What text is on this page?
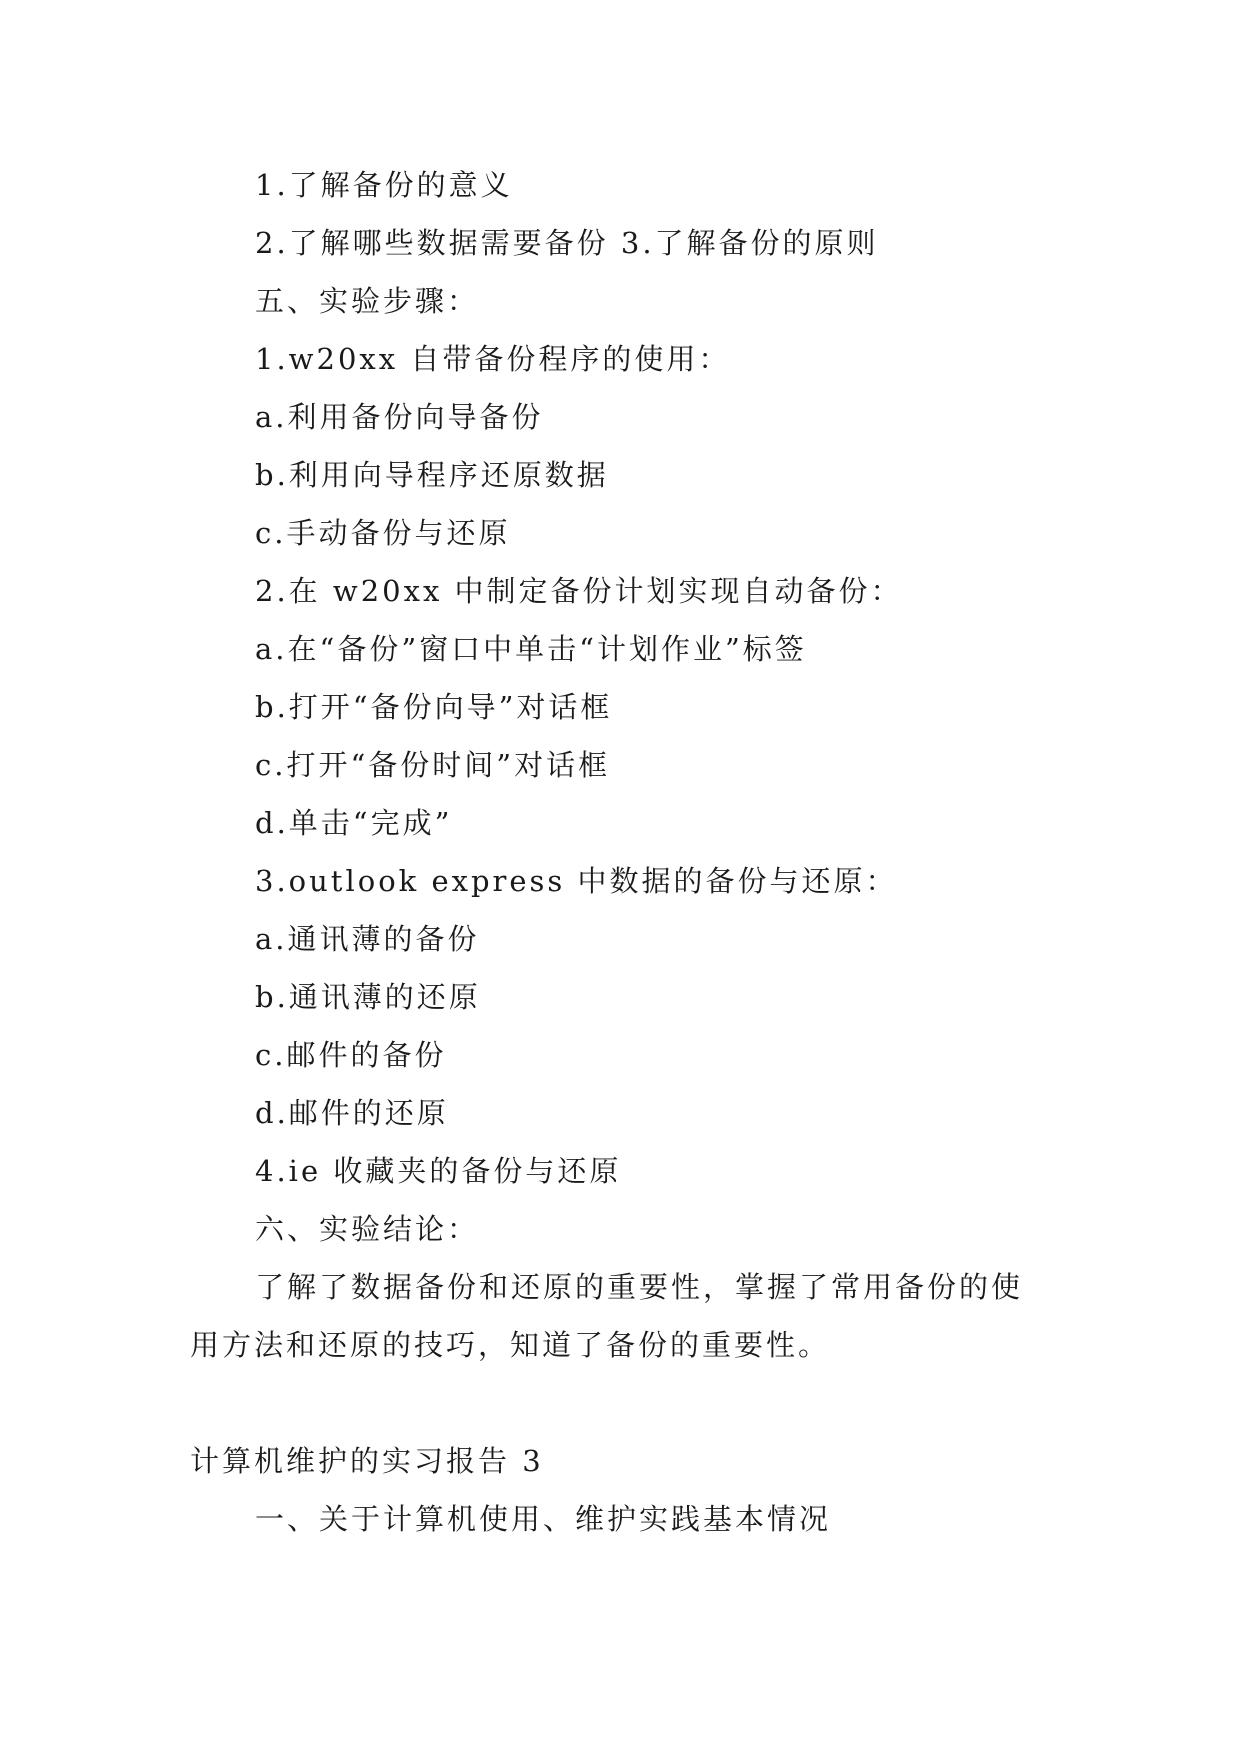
1.了解备份的意义
2.了解哪些数据需要备份 3.了解备份的原则
五、实验步骤：
1.w20xx 自带备份程序的使用：
a.利用备份向导备份
b.利用向导程序还原数据
c.手动备份与还原
2.在 w20xx 中制定备份计划实现自动备份：
a.在“备份”窗口中单击“计划作业”标签
b.打开“备份向导”对话框
c.打开“备份时间”对话框
d.单击“完成”
3.outlook express 中数据的备份与还原：
a.通讯薄的备份
b.通讯薄的还原
c.邮件的备份
d.邮件的还原
4.ie 收藏夹的备份与还原
六、实验结论：
了解了数据备份和还原的重要性，掌握了常用备份的使
用方法和还原的技巧，知道了备份的重要性。
计算机维护的实习报告 3
一、关于计算机使用、维护实践基本情况
